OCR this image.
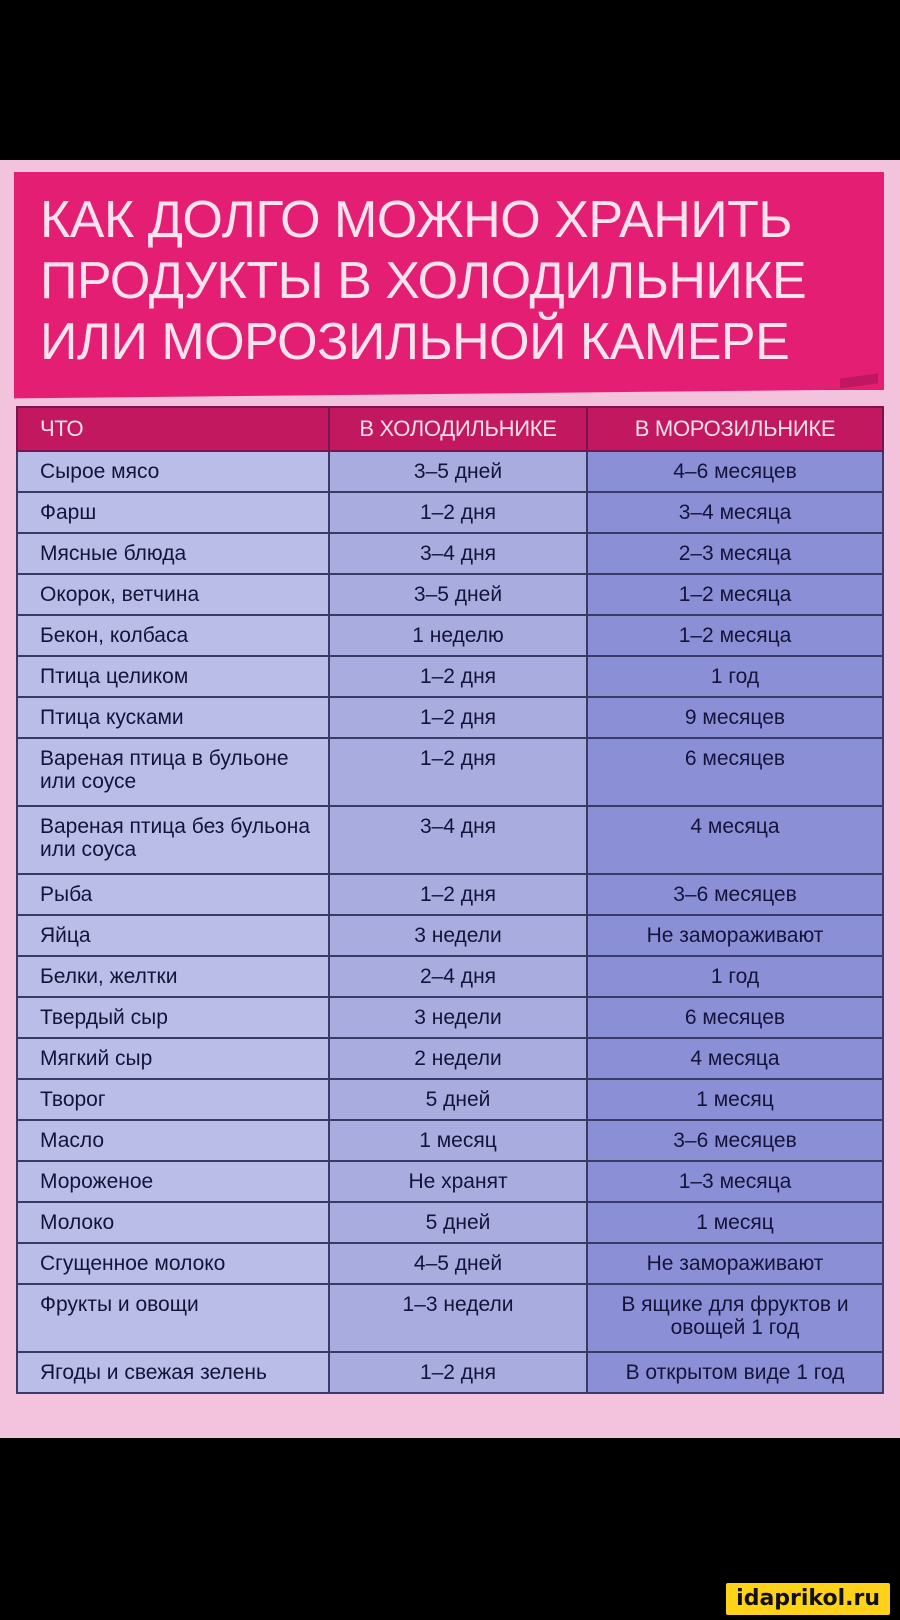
КАК ДОЛГО МОЖНО ХРАНИТЬ
ПРОДУКТЫ В ХОЛОДИЛЬНИКЕ
ИЛИ МОРОЗИЛЬНОЙ КАМЕРЕ
ЧТО	В ХОЛОДИЛЬНИКЕ	В МОРОЗИЛЬНИКЕ
Сырое мясо	3–5 дней	4–6 месяцев
Фарш	1–2 дня	3–4 месяца
Мясные блюда	3–4 дня	2–3 месяца
Окорок, ветчина	3–5 дней	1–2 месяца
Бекон, колбаса	1 неделю	1–2 месяца
Птица целиком	1–2 дня	1 год
Птица кусками	1–2 дня	9 месяцев
Вареная птица в бульоне или соусе	1–2 дня	6 месяцев
Вареная птица без бульона или соуса	3–4 дня	4 месяца
Рыба	1–2 дня	3–6 месяцев
Яйца	3 недели	Не замораживают
Белки, желтки	2–4 дня	1 год
Твердый сыр	3 недели	6 месяцев
Мягкий сыр	2 недели	4 месяца
Творог	5 дней	1 месяц
Масло	1 месяц	3–6 месяцев
Мороженое	Не хранят	1–3 месяца
Молоко	5 дней	1 месяц
Сгущенное молоко	4–5 дней	Не замораживают
Фрукты и овощи	1–3 недели	В ящике для фруктов и овощей 1 год
Ягоды и свежая зелень	1–2 дня	В открытом виде 1 год
idaprikol.ru
